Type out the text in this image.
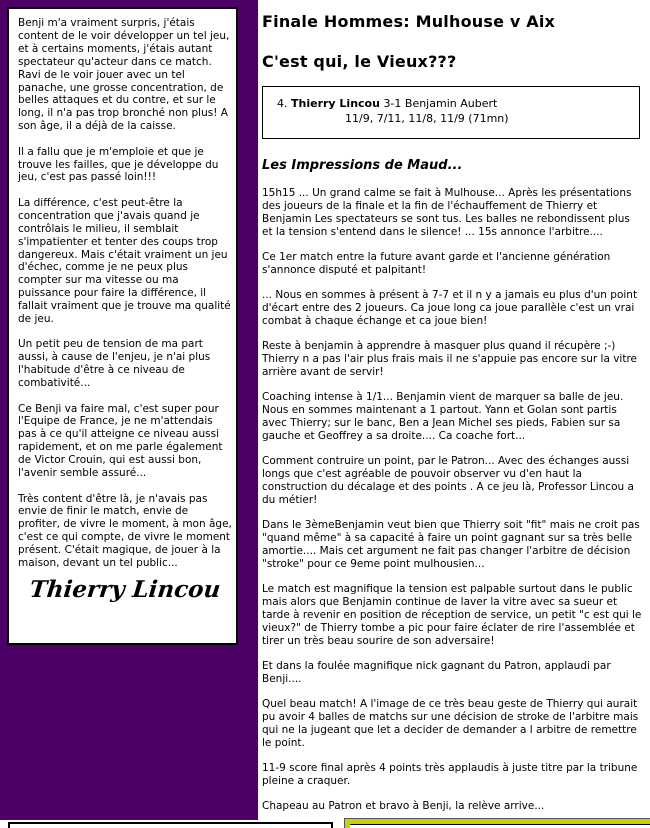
Benji m'a vraiment surpris, j'étais content de le voir développer un tel jeu, et à certains moments, j'étais autant spectateur qu'acteur dans ce match. Ravi de le voir jouer avec un tel panache, une grosse concentration, de belles attaques et du contre, et sur le long, il n'a pas trop bronché non plus! A son âge, il a déjà de la caisse.

Il a fallu que je m'emploie et que je trouve les failles, que je développe du jeu, c'est pas passé loin!!!

La différence, c'est peut-être la concentration que j'avais quand je contrôlais le milieu, il semblait s'impatienter et tenter des coups trop dangereux. Mais c'était vraiment un jeu d'échec, comme je ne peux plus compter sur ma vitesse ou ma puissance pour faire la différence, il fallait vraiment que je trouve ma qualité de jeu.

Un petit peu de tension de ma part aussi, à cause de l'enjeu, je n'ai plus l'habitude d'être à ce niveau de combativité...

Ce Benji va faire mal, c'est super pour l'Equipe de France, je ne m'attendais pas à ce qu'il atteigne ce niveau aussi rapidement, et on me parle également de Victor Crouin, qui est aussi bon, l'avenir semble assuré...

Très content d'être là, je n'avais pas envie de finir le match, envie de profiter, de vivre le moment, à mon âge, c'est ce qui compte, de vivre le moment présent. C'était magique, de jouer à la maison, devant un tel public...

Thierry Lincou
Finale Hommes: Mulhouse v Aix
C'est qui, le Vieux???
4. Thierry Lincou 3-1 Benjamin Aubert
11/9, 7/11, 11/8, 11/9 (71mn)
Les Impressions de Maud...

15h15 ... Un grand calme se fait à Mulhouse... Après les présentations des joueurs de la finale et la fin de l'échauffement de Thierry et Benjamin Les spectateurs se sont tus. Les balles ne rebondissent plus et la tension s'entend dans le silence! ... 15s annonce l'arbitre....

Ce 1er match entre la future avant garde et l'ancienne génération s'annonce disputé et palpitant!

... Nous en sommes à présent à 7-7 et il n y a jamais eu plus d'un point d'écart entre des 2 joueurs. Ca joue long ca joue parallèle c'est un vrai combat à chaque échange et ca joue bien!

Reste à benjamin à apprendre à masquer plus quand il récupère ;-) Thierry n a pas l'air plus frais mais il ne s'appuie pas encore sur la vitre arrière avant de servir!

Coaching intense à 1/1... Benjamin vient de marquer sa balle de jeu. Nous en sommes maintenant a 1 partout. Yann et Golan sont partis avec Thierry; sur le banc, Ben a Jean Michel ses pieds, Fabien sur sa gauche et Geoffrey a sa droite.... Ca coache fort...

Comment contruire un point, par le Patron... Avec des échanges aussi longs que c'est agréable de pouvoir observer vu d'en haut la construction du décalage et des points . A ce jeu là, Professor Lincou a du métier!

Dans le 3èmeBenjamin veut bien que Thierry soit "fit" mais ne croit pas "quand même" à sa capacité à faire un point gagnant sur sa très belle amortie.... Mais cet argument ne fait pas changer l'arbitre de décision "stroke" pour ce 9eme point mulhousien...

Le match est magnifique la tension est palpable surtout dans le public mais alors que Benjamin continue de laver la vitre avec sa sueur et tarde à revenir en position de réception de service, un petit "c est qui le vieux?" de Thierry tombe a pic pour faire éclater de rire l'assemblée et tirer un très beau sourire de son adversaire!

Et dans la foulée magnifique nick gagnant du Patron, applaudi par Benji....

Quel beau match! A l'image de ce très beau geste de Thierry qui aurait pu avoir 4 balles de matchs sur une décision de stroke de l'arbitre mais qui ne la jugeant que let a decider de demander a l arbitre de remettre le point.

11-9 score final après 4 points très applaudis à juste titre par la tribune pleine a craquer.

Chapeau au Patron et bravo à Benji, la relève arrive...
